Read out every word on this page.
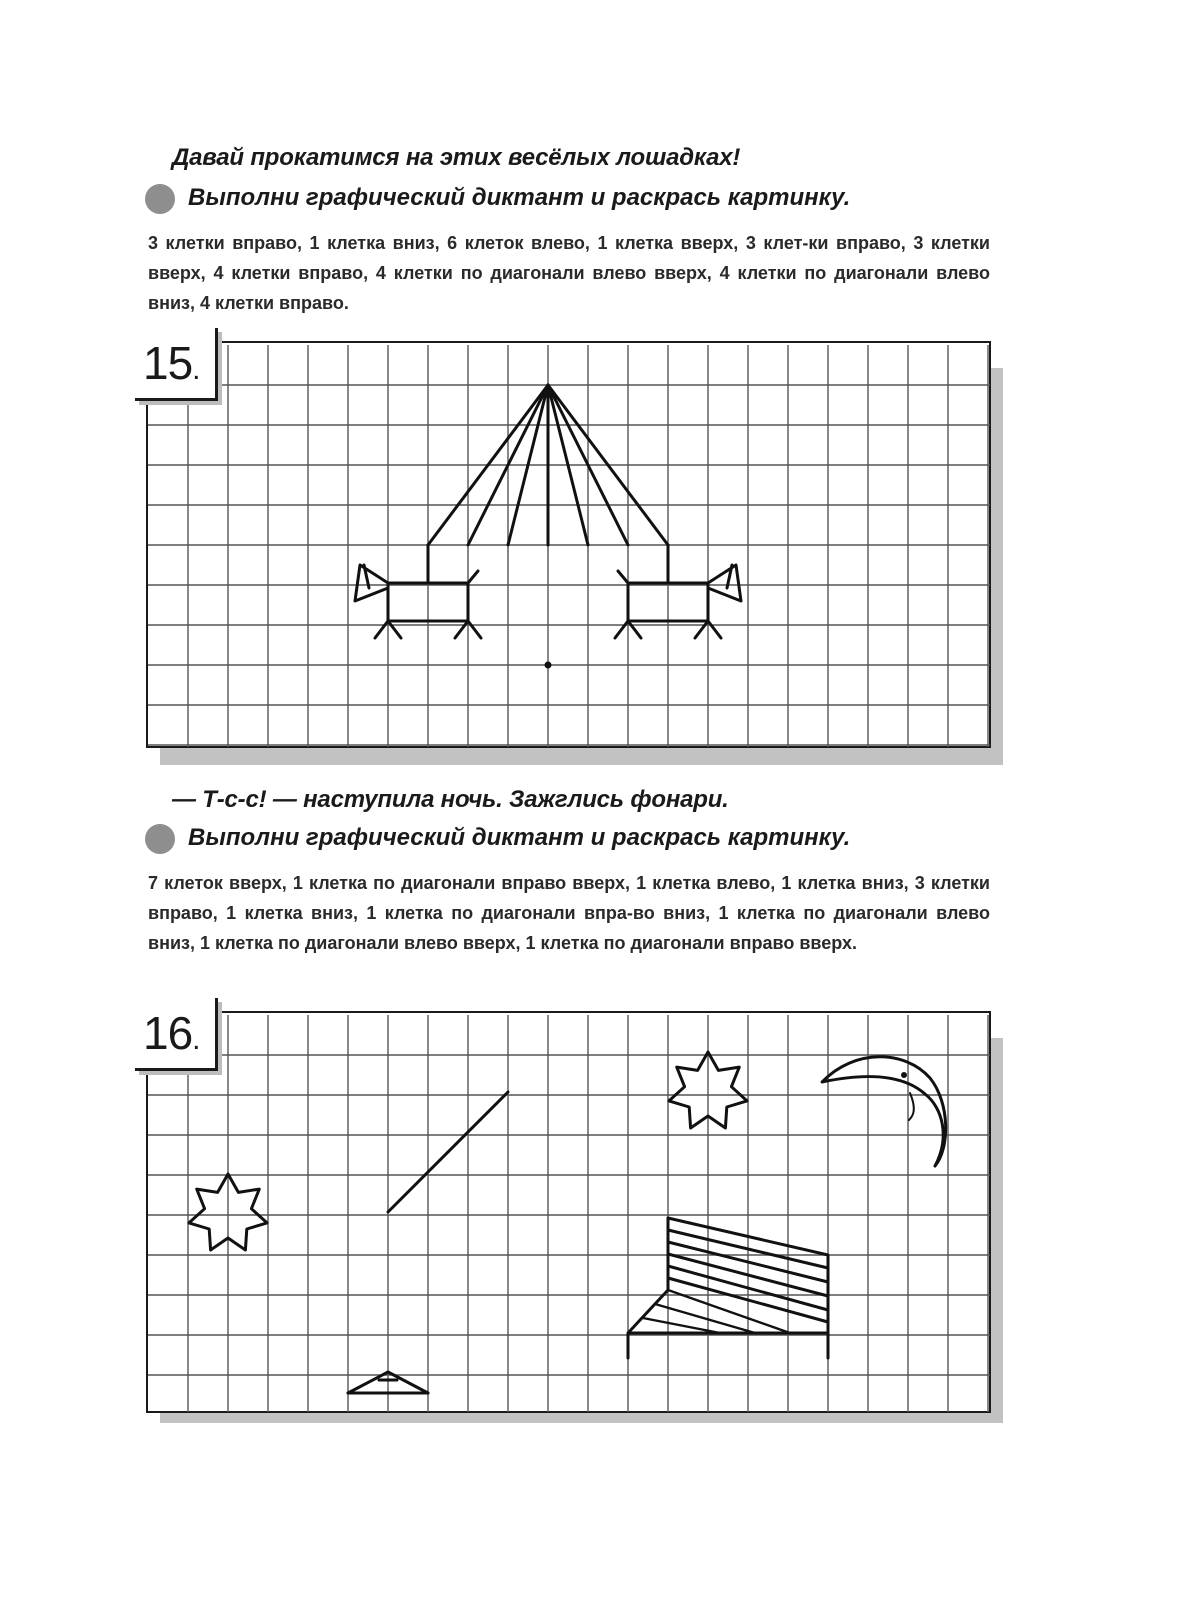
Давай прокатимся на этих весёлых лошадках!
Выполни графический диктант и раскрась картинку.
3 клетки вправо, 1 клетка вниз, 6 клеток влево, 1 клетка вверх, 3 клет-ки вправо, 3 клетки вверх, 4 клетки вправо, 4 клетки по диагонали влево вверх, 4 клетки по диагонали влево вниз, 4 клетки вправо.
15.
— Т-с-с! — наступила ночь. Зажглись фонари.
Выполни графический диктант и раскрась картинку.
7 клеток вверх, 1 клетка по диагонали вправо вверх, 1 клетка влево, 1 клетка вниз, 3 клетки вправо, 1 клетка вниз, 1 клетка по диагонали впра-во вниз, 1 клетка по диагонали влево вниз, 1 клетка по диагонали влево вверх, 1 клетка по диагонали вправо вверх.
16.
